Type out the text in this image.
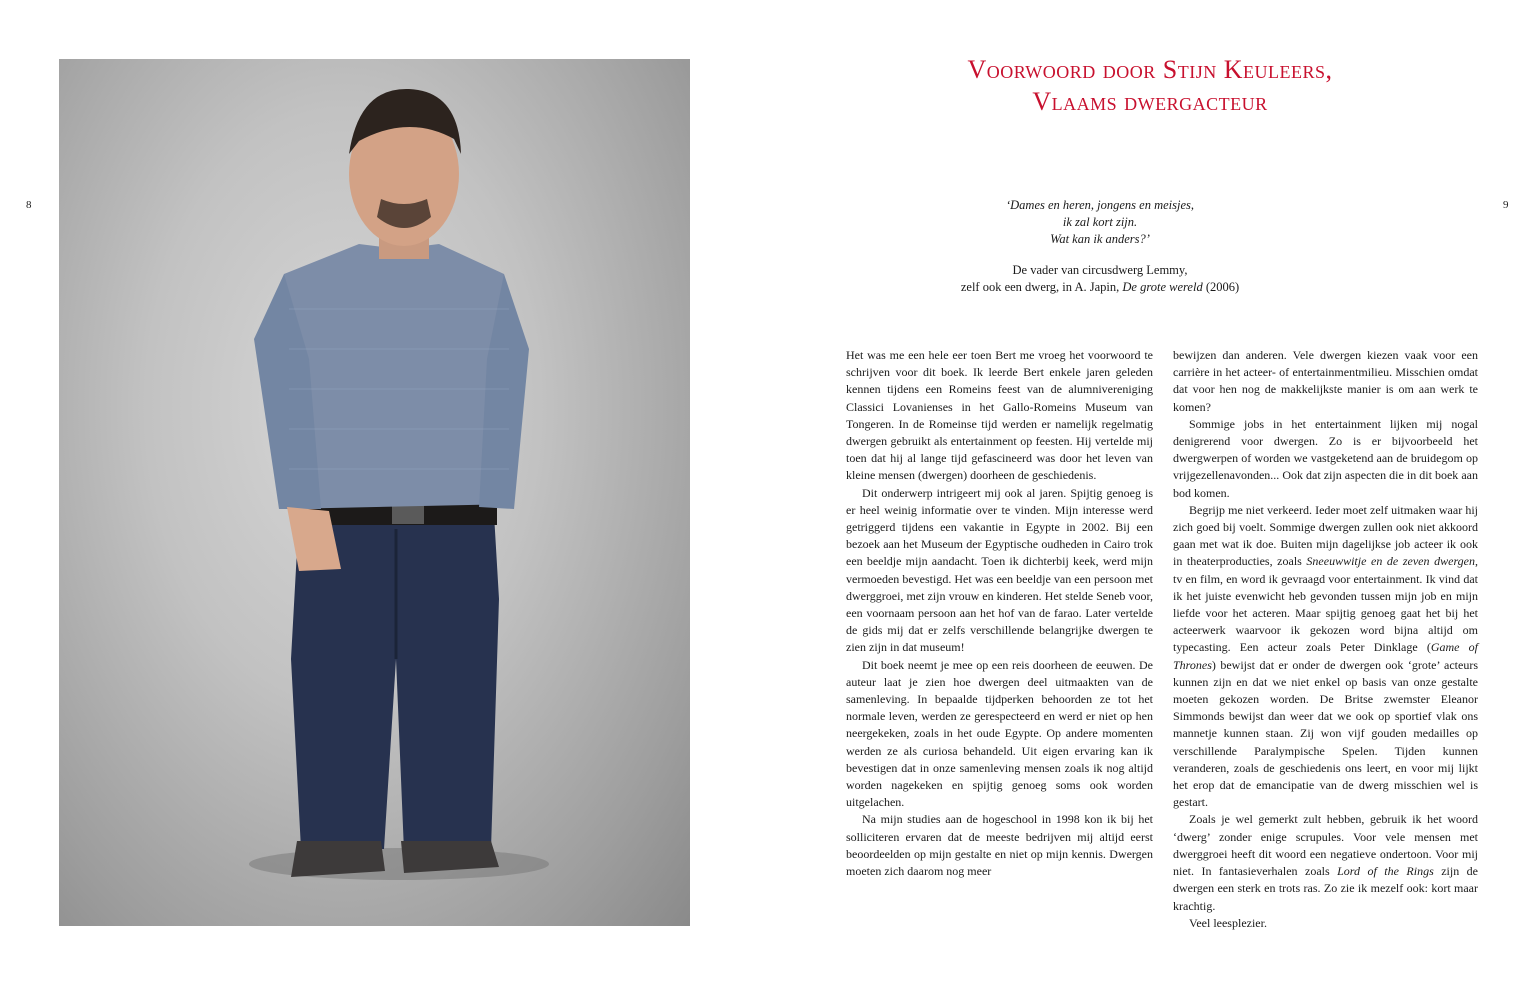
8	9
Voorwoord door Stijn Keuleers,
Vlaams dwergacteur
‘Dames en heren, jongens en meisjes,
ik zal kort zijn.
Wat kan ik anders?’
De vader van circusdwerg Lemmy,
zelf ook een dwerg, in A. Japin, De grote wereld (2006)

Het was me een hele eer toen Bert me vroeg het voorwoord te schrijven voor dit boek. Ik leerde Bert enkele jaren geleden kennen tijdens een Romeins feest van de alumnivereniging Classici Lovanienses in het Gallo-Romeins Museum van Tongeren. In de Romeinse tijd werden er namelijk regelmatig dwergen gebruikt als entertainment op feesten. Hij vertelde mij toen dat hij al lange tijd gefascineerd was door het leven van kleine mensen (dwergen) doorheen de geschiedenis.

Dit onderwerp intrigeert mij ook al jaren. Spijtig genoeg is er heel weinig informatie over te vinden. Mijn interesse werd getriggerd tijdens een vakantie in Egypte in 2002. Bij een bezoek aan het Museum der Egyptische oudheden in Cairo trok een beeldje mijn aandacht. Toen ik dichterbij keek, werd mijn vermoeden bevestigd. Het was een beeldje van een persoon met dwerggroei, met zijn vrouw en kinderen. Het stelde Seneb voor, een voornaam persoon aan het hof van de farao. Later vertelde de gids mij dat er zelfs verschillende belangrijke dwergen te zien zijn in dat museum!

Dit boek neemt je mee op een reis doorheen de eeuwen. De auteur laat je zien hoe dwergen deel uitmaakten van de samenleving. In bepaalde tijdperken behoorden ze tot het normale leven, werden ze gerespecteerd en werd er niet op hen neergekeken, zoals in het oude Egypte. Op andere momenten werden ze als curiosa behandeld. Uit eigen ervaring kan ik bevestigen dat in onze samenleving mensen zoals ik nog altijd worden nagekeken en spijtig genoeg soms ook worden uitgelachen.

Na mijn studies aan de hogeschool in 1998 kon ik bij het solliciteren ervaren dat de meeste bedrijven mij altijd eerst beoordeelden op mijn gestalte en niet op mijn kennis. Dwergen moeten zich daarom nog meer

bewijzen dan anderen. Vele dwergen kiezen vaak voor een carrière in het acteer- of entertainmentmilieu. Misschien omdat dat voor hen nog de makkelijkste manier is om aan werk te komen?

Sommige jobs in het entertainment lijken mij nogal denigrerend voor dwergen. Zo is er bijvoorbeeld het dwergwerpen of worden we vastgeketend aan de bruidegom op vrijgezellenavonden... Ook dat zijn aspecten die in dit boek aan bod komen.

Begrijp me niet verkeerd. Ieder moet zelf uitmaken waar hij zich goed bij voelt. Sommige dwergen zullen ook niet akkoord gaan met wat ik doe. Buiten mijn dagelijkse job acteer ik ook in theaterproducties, zoals Sneeuwwitje en de zeven dwergen, tv en film, en word ik gevraagd voor entertainment. Ik vind dat ik het juiste evenwicht heb gevonden tussen mijn job en mijn liefde voor het acteren. Maar spijtig genoeg gaat het bij het acteerwerk waarvoor ik gekozen word bijna altijd om typecasting. Een acteur zoals Peter Dinklage (Game of Thrones) bewijst dat er onder de dwergen ook ‘grote’ acteurs kunnen zijn en dat we niet enkel op basis van onze gestalte moeten gekozen worden. De Britse zwemster Eleanor Simmonds bewijst dan weer dat we ook op sportief vlak ons mannetje kunnen staan. Zij won vijf gouden medailles op verschillende Paralympische Spelen. Tijden kunnen veranderen, zoals de geschiedenis ons leert, en voor mij lijkt het erop dat de emancipatie van de dwerg misschien wel is gestart.

Zoals je wel gemerkt zult hebben, gebruik ik het woord ‘dwerg’ zonder enige scrupules. Voor vele mensen met dwerggroei heeft dit woord een negatieve ondertoon. Voor mij niet. In fantasieverhalen zoals Lord of the Rings zijn de dwergen een sterk en trots ras. Zo zie ik mezelf ook: kort maar krachtig.

Veel leesplezier.
